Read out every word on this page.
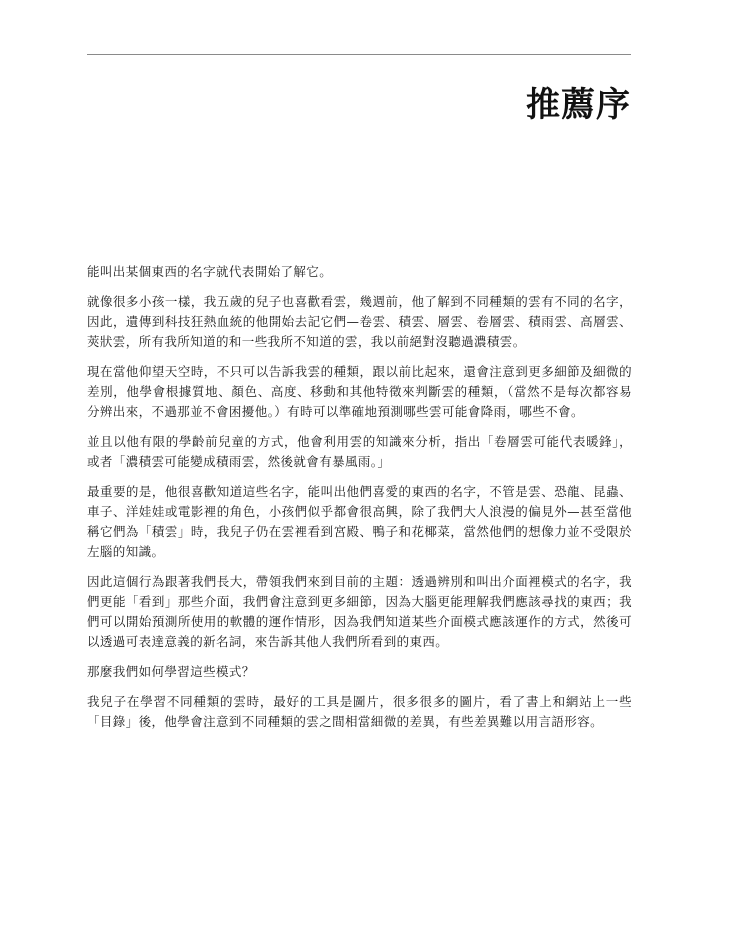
推薦序

能叫出某個東西的名字就代表開始了解它。

就像很多小孩一樣，我五歲的兒子也喜歡看雲，幾週前，他了解到不同種類的雲有不同的名字，因此，遺傳到科技狂熱血統的他開始去記它們—卷雲、積雲、層雲、卷層雲、積雨雲、高層雲、莢狀雲，所有我所知道的和一些我所不知道的雲，我以前絕對沒聽過濃積雲。

現在當他仰望天空時，不只可以告訴我雲的種類，跟以前比起來，還會注意到更多細節及細微的差別，他學會根據質地、顏色、高度、移動和其他特徵來判斷雲的種類，（當然不是每次都容易分辨出來，不過那並不會困擾他。）有時可以準確地預測哪些雲可能會降雨，哪些不會。

並且以他有限的學齡前兒童的方式，他會利用雲的知識來分析，指出「卷層雲可能代表暖鋒」，或者「濃積雲可能變成積雨雲，然後就會有暴風雨。」

最重要的是，他很喜歡知道這些名字，能叫出他們喜愛的東西的名字，不管是雲、恐龍、昆蟲、車子、洋娃娃或電影裡的角色，小孩們似乎都會很高興，除了我們大人浪漫的偏見外—甚至當他稱它們為「積雲」時，我兒子仍在雲裡看到宮殿、鴨子和花椰菜，當然他們的想像力並不受限於左腦的知識。

因此這個行為跟著我們長大，帶領我們來到目前的主題：透過辨別和叫出介面裡模式的名字，我們更能「看到」那些介面，我們會注意到更多細節，因為大腦更能理解我們應該尋找的東西；我們可以開始預測所使用的軟體的運作情形，因為我們知道某些介面模式應該運作的方式，然後可以透過可表達意義的新名詞，來告訴其他人我們所看到的東西。

那麼我們如何學習這些模式？

我兒子在學習不同種類的雲時，最好的工具是圖片，很多很多的圖片，看了書上和網站上一些「目錄」後，他學會注意到不同種類的雲之間相當細微的差異，有些差異難以用言語形容。
